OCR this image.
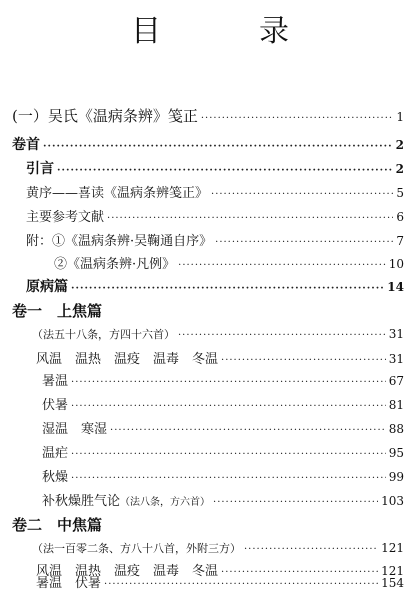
目　录
(一）吴氏《温病条辨》笺正 ·····	1
卷首 ·····	2
引言 ·····	2
黄序——喜读《温病条辨笺正》 ·····	5
主要参考文献 ·····	6
附：①《温病条辨·吴鞠通自序》 ·····	7
②《温病条辨·凡例》 ·····	10
原病篇 ·····	14
卷一　上焦篇
（法五十八条，方四十六首） ·····	31
风温　温热　温疫　温毒　冬温 ·····	31
暑温 ·····	67
伏暑 ·····	81
湿温　寒湿 ·····	88
温疟 ·····	95
秋燥 ·····	99
补秋燥胜气论（法八条，方六首） ·····	103
卷二　中焦篇
（法一百零二条、方八十八首，外附三方） ·····	121
风温　温热　温疫　温毒　冬温 ·····	121
暑温　伏暑 ·····	154
